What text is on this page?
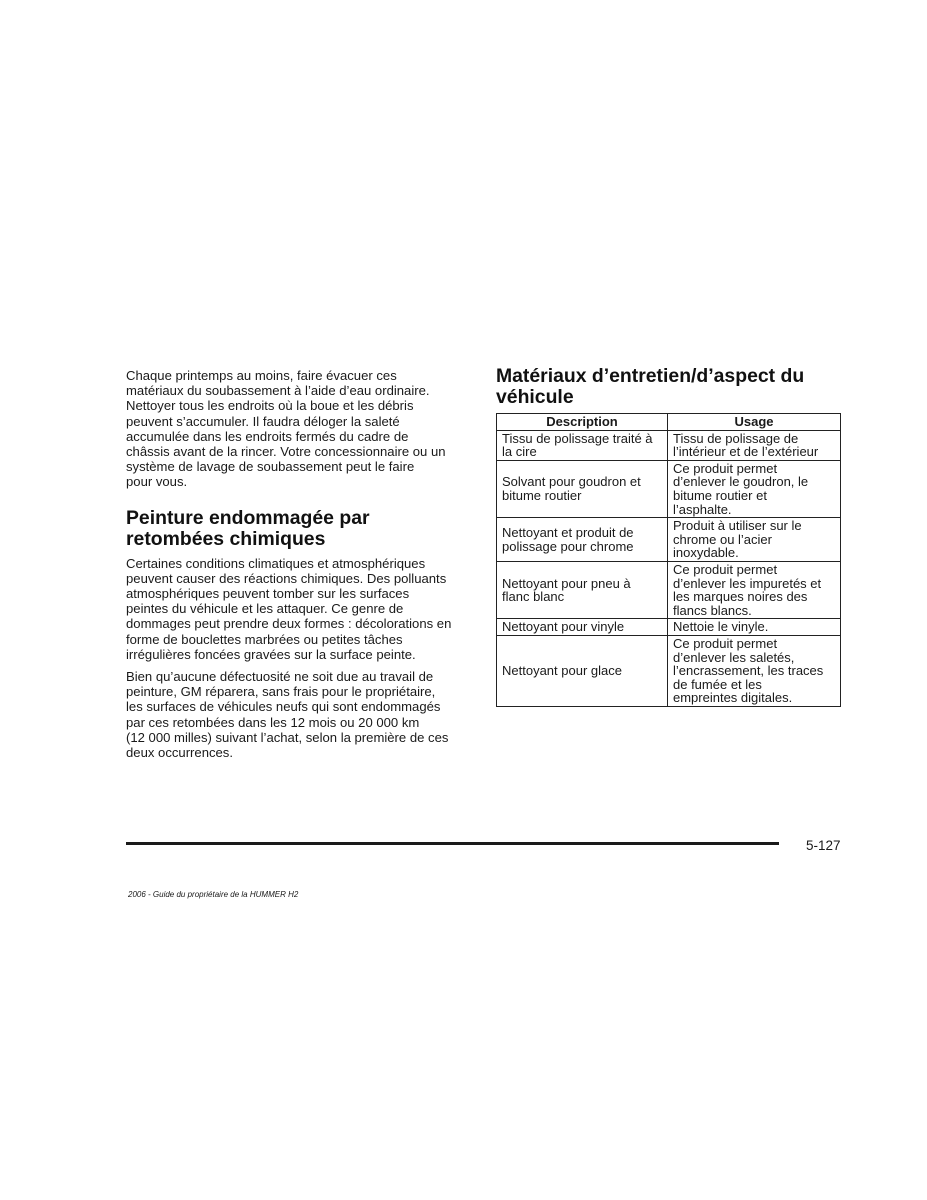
Chaque printemps au moins, faire évacuer ces
matériaux du soubassement à l’aide d’eau ordinaire.
Nettoyer tous les endroits où la boue et les débris
peuvent s’accumuler. Il faudra déloger la saleté
accumulée dans les endroits fermés du cadre de
châssis avant de la rincer. Votre concessionnaire ou un
système de lavage de soubassement peut le faire
pour vous.

Peinture endommagée par
retombées chimiques

Certaines conditions climatiques et atmosphériques
peuvent causer des réactions chimiques. Des polluants
atmosphériques peuvent tomber sur les surfaces
peintes du véhicule et les attaquer. Ce genre de
dommages peut prendre deux formes : décolorations en
forme de bouclettes marbrées ou petites tâches
irrégulières foncées gravées sur la surface peinte.

Bien qu’aucune défectuosité ne soit due au travail de
peinture, GM réparera, sans frais pour le propriétaire,
les surfaces de véhicules neufs qui sont endommagés
par ces retombées dans les 12 mois ou 20 000 km
(12 000 milles) suivant l’achat, selon la première de ces
deux occurrences.

Matériaux d’entretien/d’aspect du
véhicule
Description	Usage

Tissu de polissage traité à
la cire	Tissu de polissage de
l’intérieur et de l’extérieur

Solvant pour goudron et
bitume routier	Ce produit permet
d’enlever le goudron, le
bitume routier et
l’asphalte.

Nettoyant et produit de
polissage pour chrome	Produit à utiliser sur le
chrome ou l’acier
inoxydable.

Nettoyant pour pneu à
flanc blanc	Ce produit permet
d’enlever les impuretés et
les marques noires des
flancs blancs.

Nettoyant pour vinyle	Nettoie le vinyle.

Nettoyant pour glace	Ce produit permet
d’enlever les saletés,
l’encrassement, les traces
de fumée et les
empreintes digitales.
5-127
2006 - Guide du propriétaire de la HUMMER H2
